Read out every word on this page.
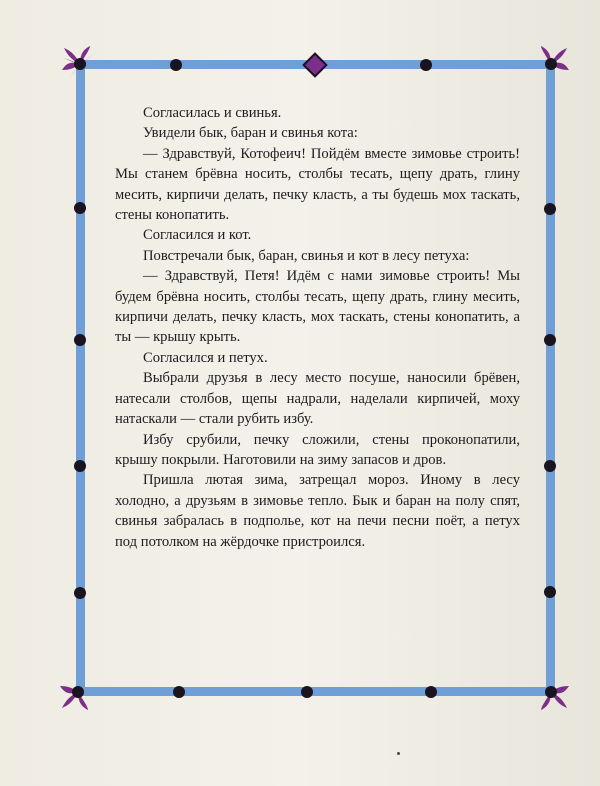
Согласилась и свинья.

Увидели бык, баран и свинья кота:

— Здравствуй, Котофеич! Пойдём вместе зимовье строить! Мы станем брёвна носить, столбы тесать, щепу драть, глину месить, кирпичи делать, печку класть, а ты будешь мох таскать, стены конопатить.

Согласился и кот.

Повстречали бык, баран, свинья и кот в лесу петуха:

— Здравствуй, Петя! Идём с нами зимовье строить! Мы будем брёвна носить, столбы тесать, щепу драть, глину месить, кирпичи делать, печку класть, мох таскать, стены конопатить, а ты — крышу крыть.

Согласился и петух.

Выбрали друзья в лесу место посуше, наносили брёвен, натесали столбов, щепы надрали, наделали кирпичей, моху натаскали — стали рубить избу.

Избу срубили, печку сложили, стены проконопатили, крышу покрыли. Наготовили на зиму запасов и дров.

Пришла лютая зима, затрещал мороз. Иному в лесу холодно, а друзьям в зимовье тепло. Бык и баран на полу спят, свинья забралась в подполье, кот на печи песни поёт, а петух под потолком на жёрдочке пристроился.
